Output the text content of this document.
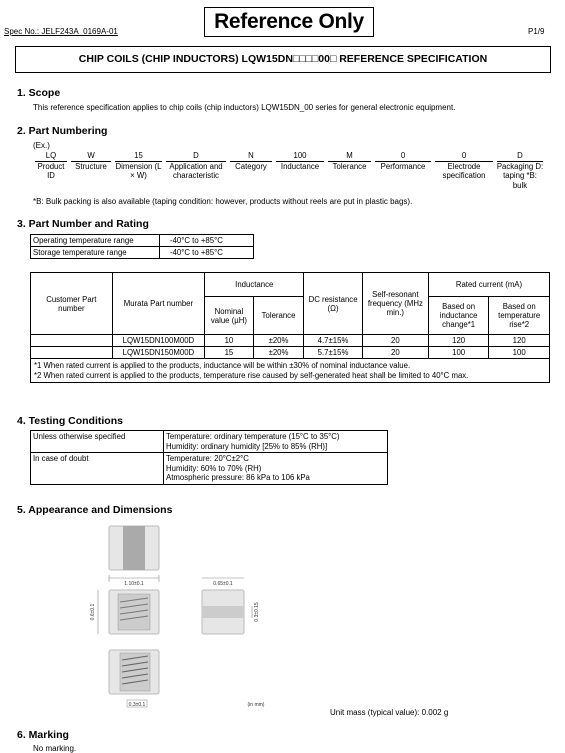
Spec No.: JELF243A_0169A-01	Reference Only	P1/9
CHIP COILS (CHIP INDUCTORS) LQW15DN□□□□00□ REFERENCE SPECIFICATION
1. Scope
This reference specification applies to chip coils (chip inductors) LQW15DN_00 series for general electronic equipment.
2. Part Numbering
(Ex.)
LQ	W	15	D	N	100	M	0	0	D

Product ID	Structure	Dimension (L × W)	Application and characteristic	Category	Inductance	Tolerance	Performance	Electrode specification	Packaging D: taping *B: bulk
*B: Bulk packing is also available (taping condition: however, products without reels are put in plastic bags).
3. Part Number and Rating
Operating temperature range	-40°C to +85°C
Storage temperature range	-40°C to +85°C
Customer Part number	Murata Part number	Inductance		DC resistance (Ω)	Self-resonant frequency (MHz min.)	Rated current (mA)	
		Nominal value (µH)	Tolerance			Based on inductance change*1	Based on temperature rise*2
	LQW15DN100M00D	10	±20%	4.7±15%	20	120	120
	LQW15DN150M00D	15	±20%	5.7±15%	20	100	100

*1 When rated current is applied to the products, inductance will be within ±30% of nominal inductance value.
*2 When rated current is applied to the products, temperature rise caused by self-generated heat shall be limited to 40°C max.							
4. Testing Conditions
Unless otherwise specified	Temperature: ordinary temperature (15°C to 35°C)
Humidity: ordinary humidity [25% to 85% (RH)]

In case of doubt	Temperature: 20°C±2°C
Humidity: 60% to 70% (RH)
Atmospheric pressure: 86 kPa to 106 kPa
5. Appearance and Dimensions
1.10±0.1
0.6±0.1
0.3±0.1
0.65±0.1
0.3±0.15
(in mm)
Unit mass (typical value): 0.002 g
6. Marking
No marking.
